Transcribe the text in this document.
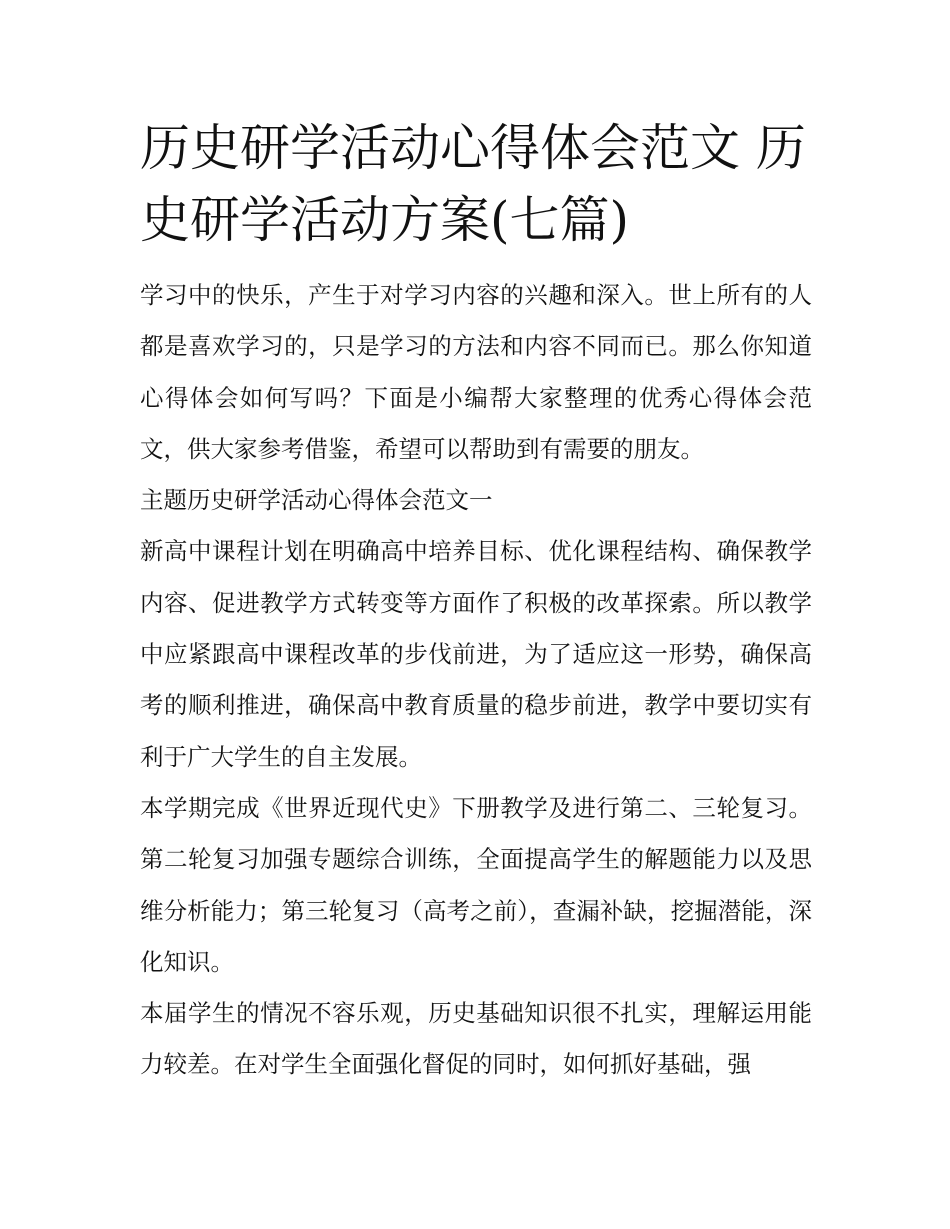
历史研学活动心得体会范文 历史研学活动方案(七篇)

学习中的快乐，产生于对学习内容的兴趣和深入。世上所有的人都是喜欢学习的，只是学习的方法和内容不同而已。那么你知道心得体会如何写吗？下面是小编帮大家整理的优秀心得体会范文，供大家参考借鉴，希望可以帮助到有需要的朋友。

主题历史研学活动心得体会范文一

新高中课程计划在明确高中培养目标、优化课程结构、确保教学内容、促进教学方式转变等方面作了积极的改革探索。所以教学中应紧跟高中课程改革的步伐前进，为了适应这一形势，确保高考的顺利推进，确保高中教育质量的稳步前进，教学中要切实有利于广大学生的自主发展。

本学期完成《世界近现代史》下册教学及进行第二、三轮复习。第二轮复习加强专题综合训练，全面提高学生的解题能力以及思维分析能力；第三轮复习（高考之前），查漏补缺，挖掘潜能，深化知识。

本届学生的情况不容乐观，历史基础知识很不扎实，理解运用能力较差。在对学生全面强化督促的同时，如何抓好基础，强
